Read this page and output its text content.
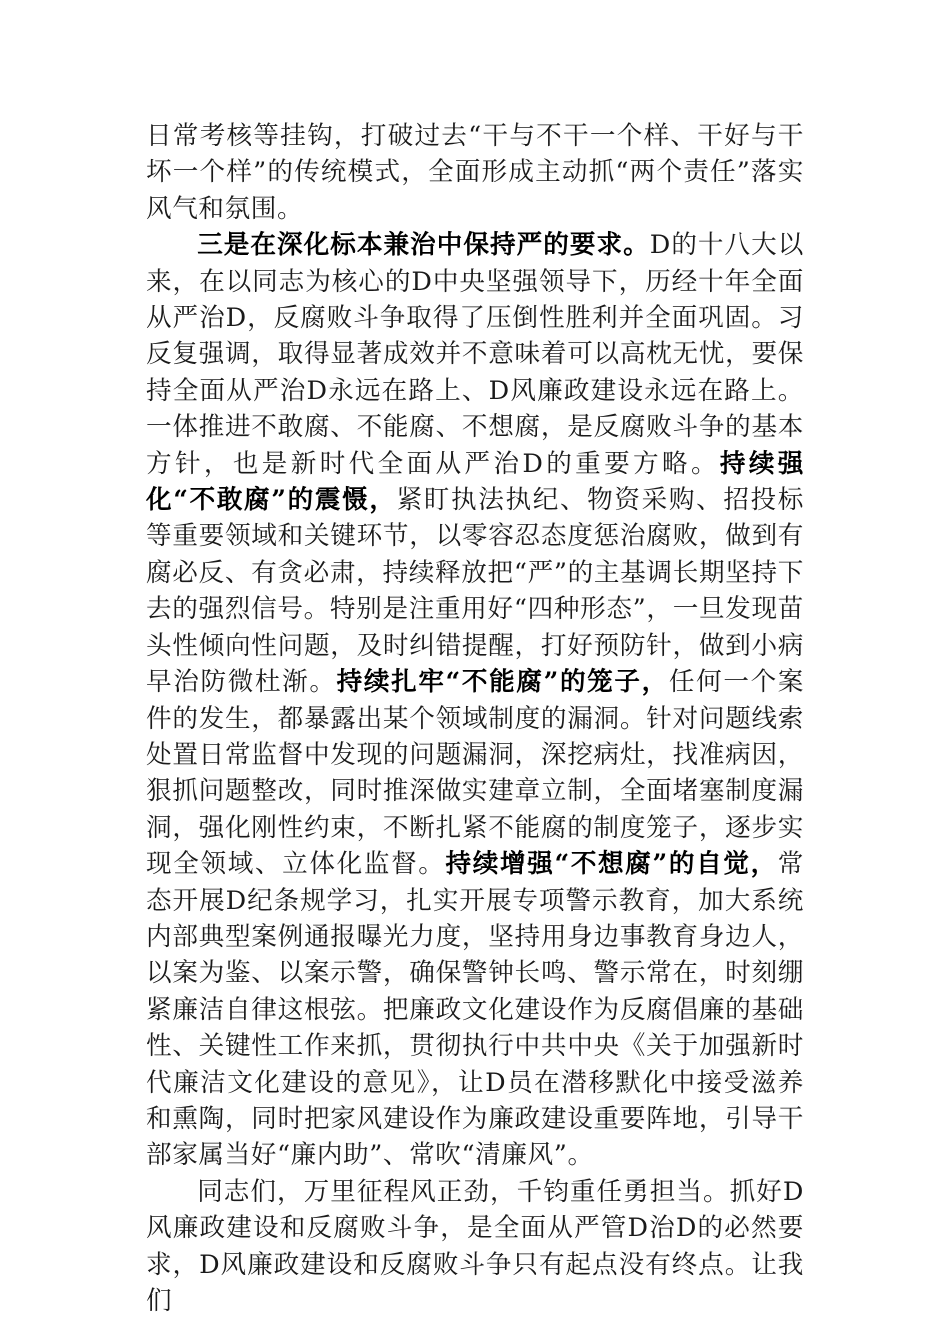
日常考核等挂钩，打破过去“干与不干一个样、干好与干坏一个样”的传统模式，全面形成主动抓“两个责任”落实风气和氛围。

三是在深化标本兼治中保持严的要求。D的十八大以来，在以同志为核心的D中央坚强领导下，历经十年全面从严治D，反腐败斗争取得了压倒性胜利并全面巩固。习反复强调，取得显著成效并不意味着可以高枕无忧，要保持全面从严治D永远在路上、D风廉政建设永远在路上。一体推进不敢腐、不能腐、不想腐，是反腐败斗争的基本方针，也是新时代全面从严治D的重要方略。持续强化“不敢腐”的震慑，紧盯执法执纪、物资采购、招投标等重要领域和关键环节，以零容忍态度惩治腐败，做到有腐必反、有贪必肃，持续释放把“严”的主基调长期坚持下去的强烈信号。特别是注重用好“四种形态”，一旦发现苗头性倾向性问题，及时纠错提醒，打好预防针，做到小病早治防微杜渐。持续扎牢“不能腐”的笼子，任何一个案件的发生，都暴露出某个领域制度的漏洞。针对问题线索处置日常监督中发现的问题漏洞，深挖病灶，找准病因，狠抓问题整改，同时推深做实建章立制，全面堵塞制度漏洞，强化刚性约束，不断扎紧不能腐的制度笼子，逐步实现全领域、立体化监督。持续增强“不想腐”的自觉，常态开展D纪条规学习，扎实开展专项警示教育，加大系统内部典型案例通报曝光力度，坚持用身边事教育身边人，以案为鉴、以案示警，确保警钟长鸣、警示常在，时刻绷紧廉洁自律这根弦。把廉政文化建设作为反腐倡廉的基础性、关键性工作来抓，贯彻执行中共中央《关于加强新时代廉洁文化建设的意见》，让D员在潜移默化中接受滋养和熏陶，同时把家风建设作为廉政建设重要阵地，引导干部家属当好“廉内助”、常吹“清廉风”。

同志们，万里征程风正劲，千钧重任勇担当。抓好D风廉政建设和反腐败斗争，是全面从严管D治D的必然要求，D风廉政建设和反腐败斗争只有起点没有终点。让我们
